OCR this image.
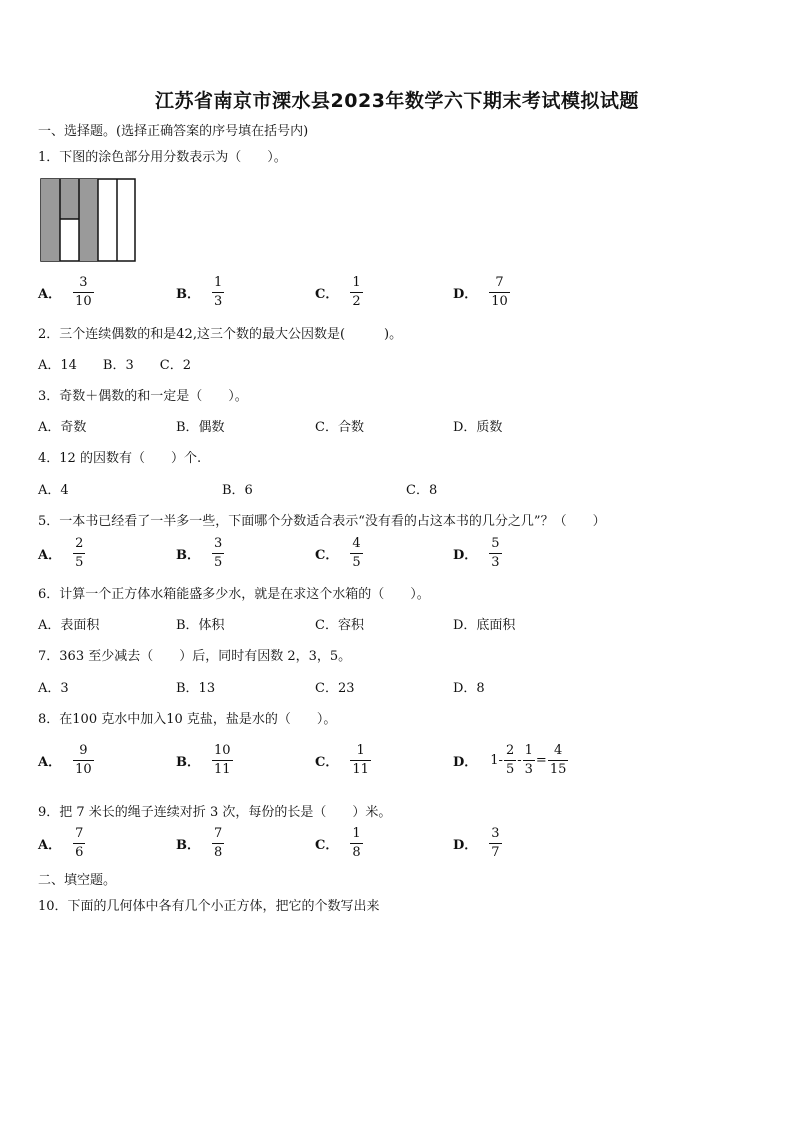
江苏省南京市溧水县2023年数学六下期末考试模拟试题
一、选择题。(选择正确答案的序号填在括号内)
1．下图的涂色部分用分数表示为（　　）。
A． $\frac{3}{10}$	B． $\frac{1}{3}$	C． $\frac{1}{2}$	D． $\frac{7}{10}$
2．三个连续偶数的和是42,这三个数的最大公因数是(　　　)。
A．14　　B．3　　C．2
3．奇数＋偶数的和一定是（　　）。
A．奇数	B．偶数	C．合数	D．质数
4．12 的因数有（　　）个.
A．4	B．6	C．8
5．一本书已经看了一半多一些，下面哪个分数适合表示“没有看的占这本书的几分之几”？（　　）
A． $\frac{2}{5}$	B． $\frac{3}{5}$	C． $\frac{4}{5}$	D． $\frac{5}{3}$
6．计算一个正方体水箱能盛多少水，就是在求这个水箱的（　　）。
A．表面积	B．体积	C．容积	D．底面积
7．363 至少减去（　　）后，同时有因数 2，3，5。
A．3	B．13	C．23	D．8
8．在100 克水中加入10 克盐，盐是水的（　　）。
A． $\frac{9}{10}$	B． $\frac{10}{11}$	C． $\frac{1}{11}$	D． $1- \frac{2}{5} - \frac{1}{3} = \frac{4}{15}$
9．把 7 米长的绳子连续对折 3 次，每份的长是（　　）米。
A． $\frac{7}{6}$	B． $\frac{7}{8}$	C． $\frac{1}{8}$	D． $\frac{3}{7}$
二、填空题。
10．下面的几何体中各有几个小正方体，把它的个数写出来
